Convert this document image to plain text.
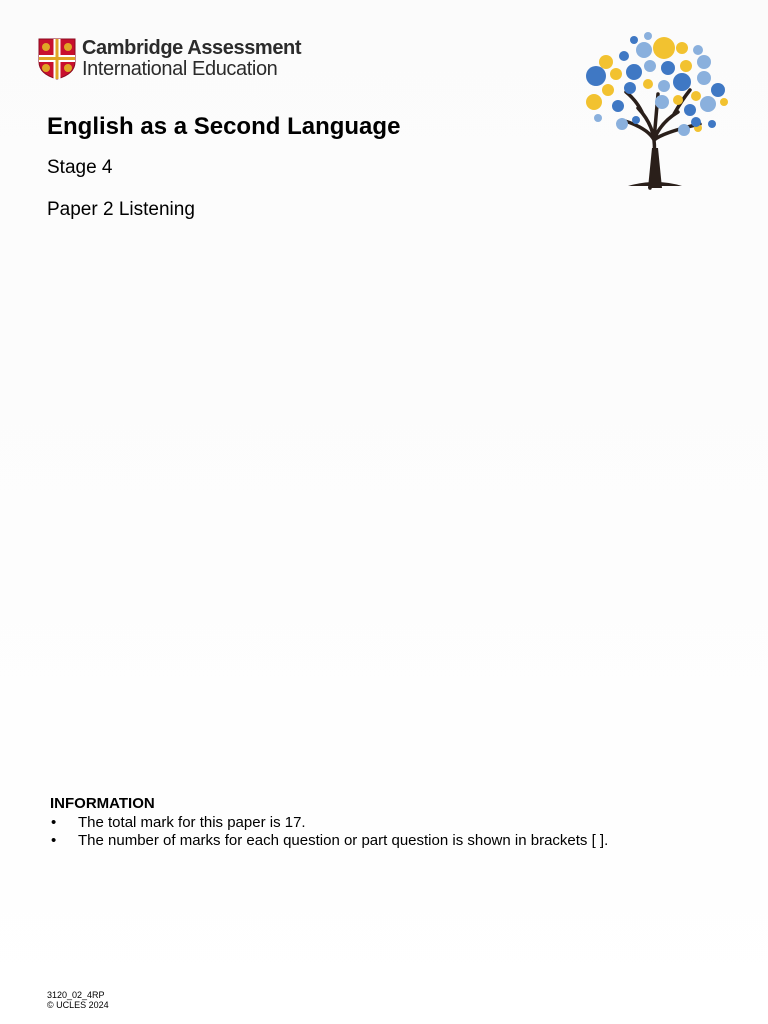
Cambridge Assessment
International Education
English as a Second Language
Stage 4
Paper 2 Listening
INFORMATION
• The total mark for this paper is 17.
• The number of marks for each question or part question is shown in brackets [ ].
3120_02_4RP
© UCLES 2024
